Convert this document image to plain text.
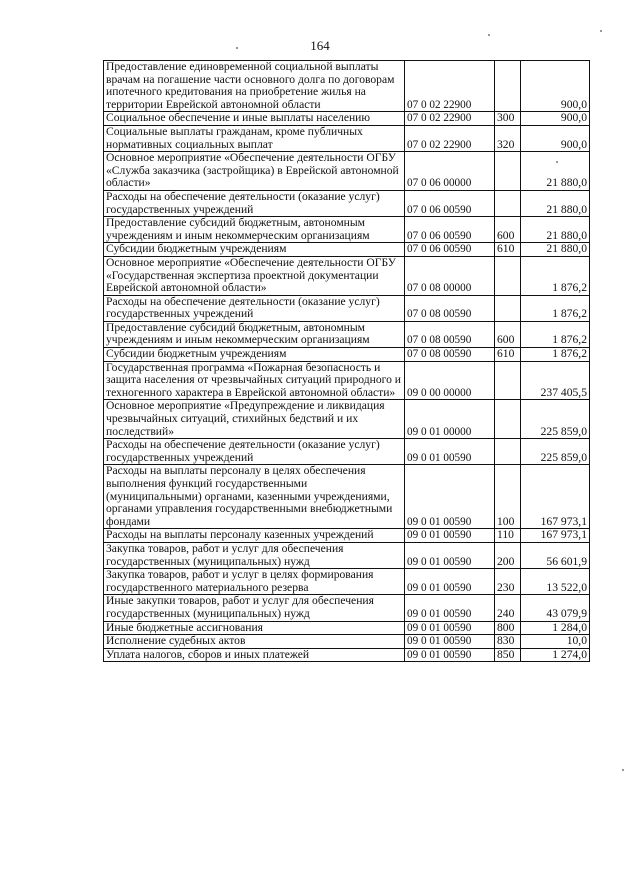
164
Предоставление единовременной социальной выплаты врачам на погашение части основного долга по договорам ипотечного кредитования на приобретение жилья на территории Еврейской автономной области	07 0 02 22900		900,0
Социальное обеспечение и иные выплаты населению	07 0 02 22900	300	900,0
Социальные выплаты гражданам, кроме публичных нормативных социальных выплат	07 0 02 22900	320	900,0
Основное мероприятие «Обеспечение деятельности ОГБУ «Служба заказчика (застройщика) в Еврейской автономной области»	07 0 06 00000		21 880,0
Расходы на обеспечение деятельности (оказание услуг) государственных учреждений	07 0 06 00590		21 880,0
Предоставление субсидий бюджетным, автономным учреждениям и иным некоммерческим организациям	07 0 06 00590	600	21 880,0
Субсидии бюджетным учреждениям	07 0 06 00590	610	21 880,0
Основное мероприятие «Обеспечение деятельности ОГБУ «Государственная экспертиза проектной документации Еврейской автономной области»	07 0 08 00000		1 876,2
Расходы на обеспечение деятельности (оказание услуг) государственных учреждений	07 0 08 00590		1 876,2
Предоставление субсидий бюджетным, автономным учреждениям и иным некоммерческим организациям	07 0 08 00590	600	1 876,2
Субсидии бюджетным учреждениям	07 0 08 00590	610	1 876,2
Государственная программа «Пожарная безопасность и защита населения от чрезвычайных ситуаций природного и техногенного характера в Еврейской автономной области»	09 0 00 00000		237 405,5
Основное мероприятие «Предупреждение и ликвидация чрезвычайных ситуаций, стихийных бедствий и их последствий»	09 0 01 00000		225 859,0
Расходы на обеспечение деятельности (оказание услуг) государственных учреждений	09 0 01 00590		225 859,0
Расходы на выплаты персоналу в целях обеспечения выполнения функций государственными (муниципальными) органами, казенными учреждениями, органами управления государственными внебюджетными фондами	09 0 01 00590	100	167 973,1
Расходы на выплаты персоналу казенных учреждений	09 0 01 00590	110	167 973,1
Закупка товаров, работ и услуг для обеспечения государственных (муниципальных) нужд	09 0 01 00590	200	56 601,9
Закупка товаров, работ и услуг в целях формирования государственного материального резерва	09 0 01 00590	230	13 522,0
Иные закупки товаров, работ и услуг для обеспечения государственных (муниципальных) нужд	09 0 01 00590	240	43 079,9
Иные бюджетные ассигнования	09 0 01 00590	800	1 284,0
Исполнение судебных актов	09 0 01 00590	830	10,0
Уплата налогов, сборов и иных платежей	09 0 01 00590	850	1 274,0
